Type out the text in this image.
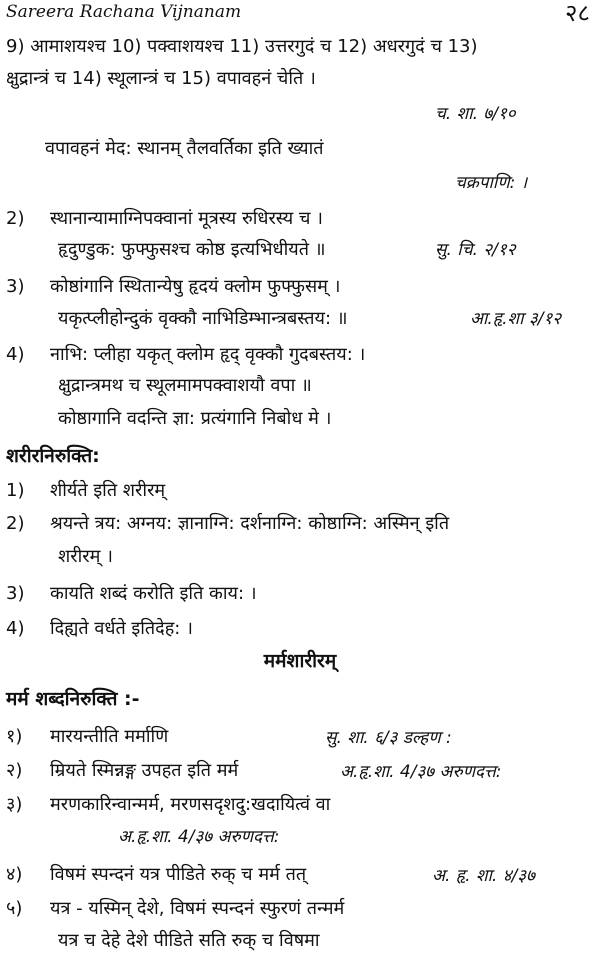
Sareera Rachana Vijnanam	२८
9) आमाशयश्च 10) पक्वाशयश्च 11) उत्तरगुदं च 12) अधरगुदं च 13)
क्षुद्रान्त्रं च 14) स्थूलान्त्रं च 15) वपावहनं चेति ।
च. शा. ७/१०
वपावहनं मेद: स्थानम् तैलवर्तिका इति ख्यातं
चक्रपाणि: ।
2) स्थानान्यामाग्निपक्वानां मूत्रस्य रुधिरस्य च ।
हृदुण्डुक: फुफ्फुसश्च कोष्ठ इत्यभिधीयते ॥	सु. चि. २/१२
3) कोष्ठांगानि स्थितान्येषु हृदयं क्लोम फुफ्फुसम् ।
यकृत्प्लीहोन्दुकं वृक्कौ नाभिडिम्भान्त्रबस्तय: ॥	आ.हृ.शा ३/१२
4) नाभि: प्लीहा यकृत् क्लोम हृद् वृक्कौ गुदबस्तय: ।
क्षुद्रान्त्रमथ च स्थूलमामपक्वाशयौ वपा ॥
कोष्ठागानि वदन्ति ज्ञा: प्रत्यंगानि निबोध मे ।
शरीरनिरुक्ति:
1) शीर्यते इति शरीरम्
2) श्रयन्ते त्रय: अग्नय: ज्ञानाग्नि: दर्शनाग्नि: कोष्ठाग्नि: अस्मिन् इति
शरीरम् ।
3) कायति शब्दं करोति इति काय: ।
4) दिह्यते वर्धते इतिदेह: ।
मर्मशारीरम्
मर्म शब्दनिरुक्ति :-
१) मारयन्तीति मर्माणि	सु. शा. ६/३ डल्हण :
२) म्रियते स्मिन्नङ्ग उपहत इति मर्म	अ.हृ.शा. 4/३७ अरुणदत्त:
३) मरणकारिन्वान्मर्म, मरणसदृशदु:खदायित्वं वा
अ.हृ.शा. 4/३७ अरुणदत्त:
४) विषमं स्पन्दनं यत्र पीडिते रुक् च मर्म तत्	अ. हृ. शा. ४/३७
५) यत्र - यस्मिन् देशे, विषमं स्पन्दनं स्फुरणं तन्मर्म
यत्र च देहे देशे पीडिते सति रुक् च विषमा
